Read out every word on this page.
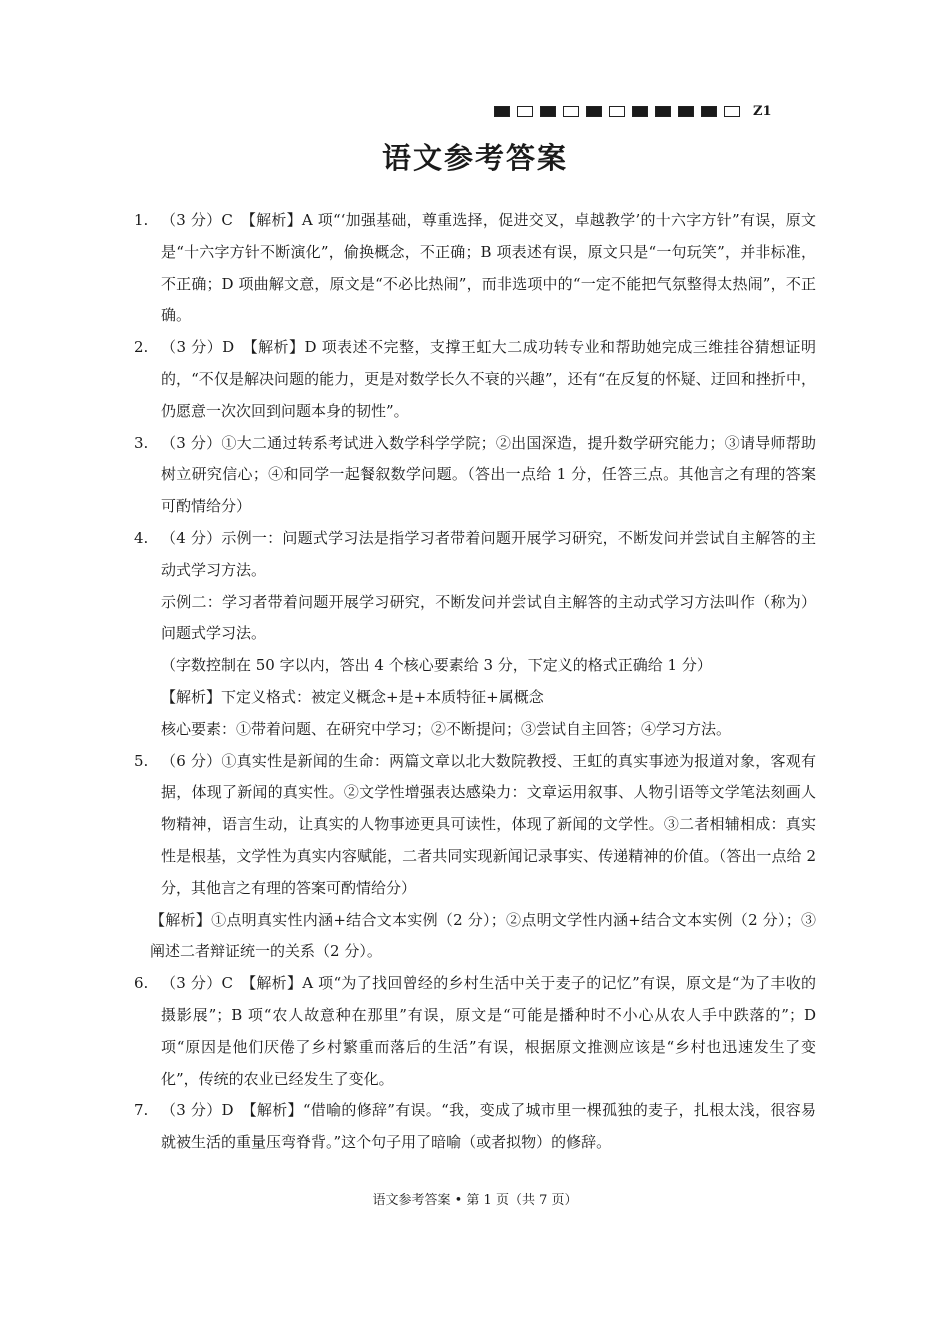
Z1
语文参考答案
1. （3 分）C　【解析】A 项“‘加强基础，尊重选择，促进交叉，卓越教学’的十六字方针”有误，原文是“十六字方针不断演化”，偷换概念，不正确；B 项表述有误，原文只是“一句玩笑”，并非标准，不正确；D 项曲解文意，原文是“不必比热闹”，而非选项中的“一定不能把气氛整得太热闹”，不正确。
2. （3 分）D　【解析】D 项表述不完整，支撑王虹大二成功转专业和帮助她完成三维挂谷猜想证明的，“不仅是解决问题的能力，更是对数学长久不衰的兴趣”，还有“在反复的怀疑、迂回和挫折中，仍愿意一次次回到问题本身的韧性”。
3. （3 分）①大二通过转系考试进入数学科学学院；②出国深造，提升数学研究能力；③请导师帮助树立研究信心；④和同学一起餐叙数学问题。（答出一点给 1 分，任答三点。其他言之有理的答案可酌情给分）
4. （4 分）示例一：问题式学习法是指学习者带着问题开展学习研究，不断发问并尝试自主解答的主动式学习方法。
示例二：学习者带着问题开展学习研究，不断发问并尝试自主解答的主动式学习方法叫作（称为）问题式学习法。
（字数控制在 50 字以内，答出 4 个核心要素给 3 分，下定义的格式正确给 1 分）
【解析】下定义格式：被定义概念+是+本质特征+属概念
核心要素：①带着问题、在研究中学习；②不断提问；③尝试自主回答；④学习方法。
5. （6 分）①真实性是新闻的生命：两篇文章以北大数院教授、王虹的真实事迹为报道对象，客观有据，体现了新闻的真实性。②文学性增强表达感染力：文章运用叙事、人物引语等文学笔法刻画人物精神，语言生动，让真实的人物事迹更具可读性，体现了新闻的文学性。③二者相辅相成：真实性是根基，文学性为真实内容赋能，二者共同实现新闻记录事实、传递精神的价值。（答出一点给 2 分，其他言之有理的答案可酌情给分）
【解析】①点明真实性内涵+结合文本实例（2 分）；②点明文学性内涵+结合文本实例（2 分）；③阐述二者辩证统一的关系（2 分）。
6. （3 分）C　【解析】A 项“为了找回曾经的乡村生活中关于麦子的记忆”有误，原文是“为了丰收的摄影展”；B 项“农人故意种在那里”有误，原文是“可能是播种时不小心从农人手中跌落的”；D 项“原因是他们厌倦了乡村繁重而落后的生活”有误，根据原文推测应该是“乡村也迅速发生了变化”，传统的农业已经发生了变化。
7. （3 分）D　【解析】“借喻的修辞”有误。“我，变成了城市里一棵孤独的麦子，扎根太浅，很容易就被生活的重量压弯脊背。”这个句子用了暗喻（或者拟物）的修辞。
语文参考答案 • 第 1 页（共 7 页）
